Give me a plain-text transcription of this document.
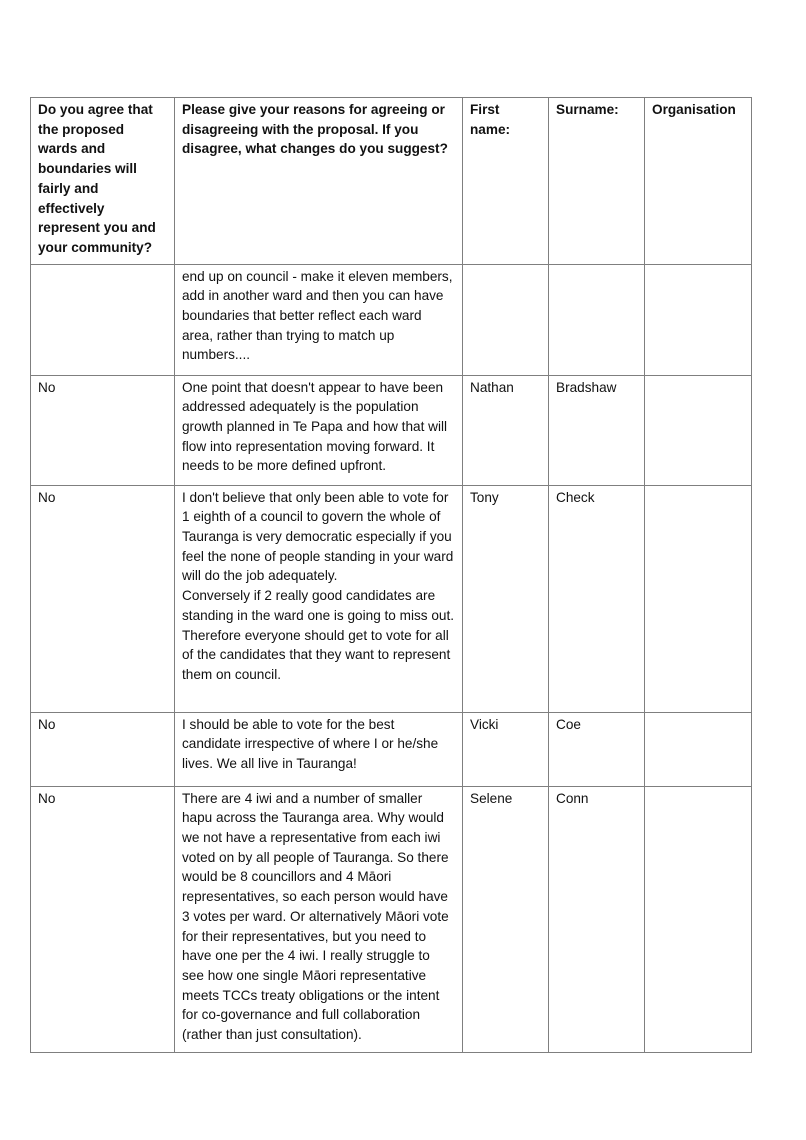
Do you agree that the proposed wards and boundaries will fairly and effectively represent you and your community?	Please give your reasons for agreeing or disagreeing with the proposal. If you disagree, what changes do you suggest?	First name:	Surname:	Organisation
	end up on council - make it eleven members, add in another ward and then you can have boundaries that better reflect each ward area, rather than trying to match up numbers....			
No	One point that doesn't appear to have been addressed adequately is the population growth planned in Te Papa and how that will flow into representation moving forward. It needs to be more defined upfront.	Nathan	Bradshaw	
No	I don't believe that only been able to vote for 1 eighth of a council to govern the whole of Tauranga is very democratic especially if you feel the none of people standing in your ward will do the job adequately.
Conversely if 2 really good candidates are standing in the ward one is going to miss out.
Therefore everyone should get to vote for all of the candidates that they want to represent them on council.	Tony	Check	
No	I should be able to vote for the best candidate irrespective of where I or he/she lives. We all live in Tauranga!	Vicki	Coe	
No	There are 4 iwi and a number of smaller hapu across the Tauranga area. Why would we not have a representative from each iwi voted on by all people of Tauranga. So there would be 8 councillors and 4 Māori representatives, so each person would have 3 votes per ward. Or alternatively Māori vote for their representatives, but you need to have one per the 4 iwi. I really struggle to see how one single Māori representative meets TCCs treaty obligations or the intent for co-governance and full collaboration (rather than just consultation).	Selene	Conn	
